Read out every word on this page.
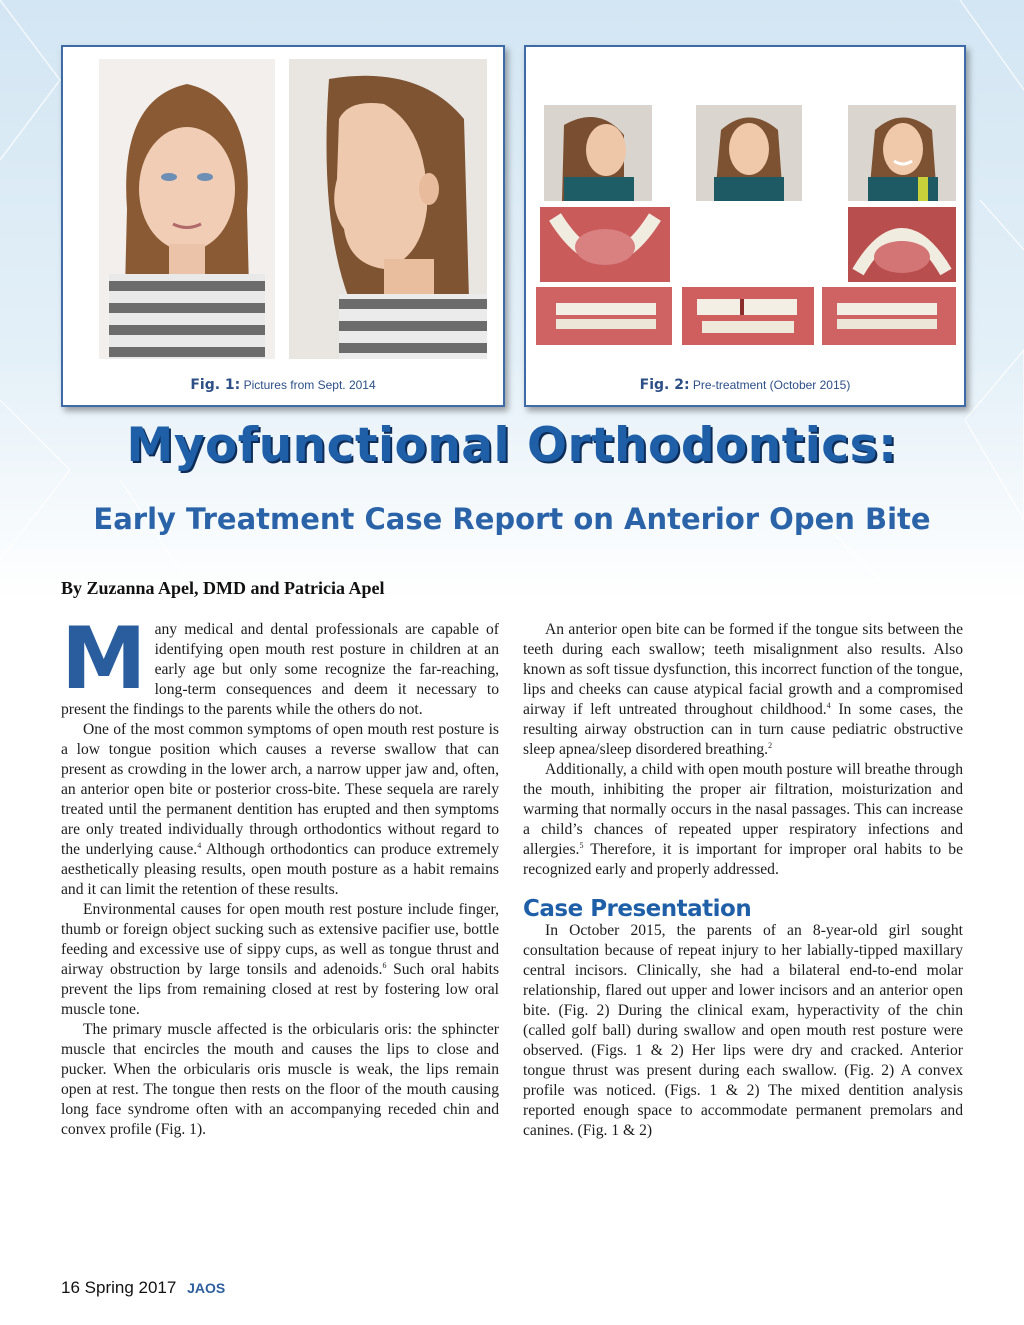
Fig. 1: Pictures from Sept. 2014	Fig. 2: Pre-treatment (October 2015)
Myofunctional Orthodontics:
Early Treatment Case Report on Anterior Open Bite
By Zuzanna Apel, DMD and Patricia Apel

Many medical and dental professionals are capable of identifying open mouth rest posture in children at an early age but only some recognize the far-reaching, long-term consequences and deem it necessary to present the findings to the parents while the others do not.

One of the most common symptoms of open mouth rest posture is a low tongue position which causes a reverse swallow that can present as crowding in the lower arch, a narrow upper jaw and, often, an anterior open bite or posterior cross-bite. These sequela are rarely treated until the permanent dentition has erupted and then symptoms are only treated individually through orthodontics without regard to the underlying cause.$^4$ Although orthodontics can produce extremely aesthetically pleasing results, open mouth posture as a habit remains and it can limit the retention of these results.

Environmental causes for open mouth rest posture include finger, thumb or foreign object sucking such as extensive pacifier use, bottle feeding and excessive use of sippy cups, as well as tongue thrust and airway obstruction by large tonsils and adenoids.$^6$ Such oral habits prevent the lips from remaining closed at rest by fostering low oral muscle tone.

The primary muscle affected is the orbicularis oris: the sphincter muscle that encircles the mouth and causes the lips to close and pucker. When the orbicularis oris muscle is weak, the lips remain open at rest. The tongue then rests on the floor of the mouth causing long face syndrome often with an accompanying receded chin and convex profile (Fig. 1).

An anterior open bite can be formed if the tongue sits between the teeth during each swallow; teeth misalignment also results. Also known as soft tissue dysfunction, this incorrect function of the tongue, lips and cheeks can cause atypical facial growth and a compromised airway if left untreated throughout childhood.$^4$ In some cases, the resulting airway obstruction can in turn cause pediatric obstructive sleep apnea/sleep disordered breathing.$^2$

Additionally, a child with open mouth posture will breathe through the mouth, inhibiting the proper air filtration, moisturization and warming that normally occurs in the nasal passages. This can increase a child’s chances of repeated upper respiratory infections and allergies.$^5$ Therefore, it is important for improper oral habits to be recognized early and properly addressed.

Case Presentation

In October 2015, the parents of an 8-year-old girl sought consultation because of repeat injury to her labially-tipped maxillary central incisors. Clinically, she had a bilateral end-to-end molar relationship, flared out upper and lower incisors and an anterior open bite. (Fig. 2) During the clinical exam, hyperactivity of the chin (called golf ball) during swallow and open mouth rest posture were observed. (Figs. 1 & 2) Her lips were dry and cracked. Anterior tongue thrust was present during each swallow. (Fig. 2) A convex profile was noticed. (Figs. 1 & 2) The mixed dentition analysis reported enough space to accommodate permanent premolars and canines. (Fig. 1 & 2)

16 Spring 2017 JAOS
